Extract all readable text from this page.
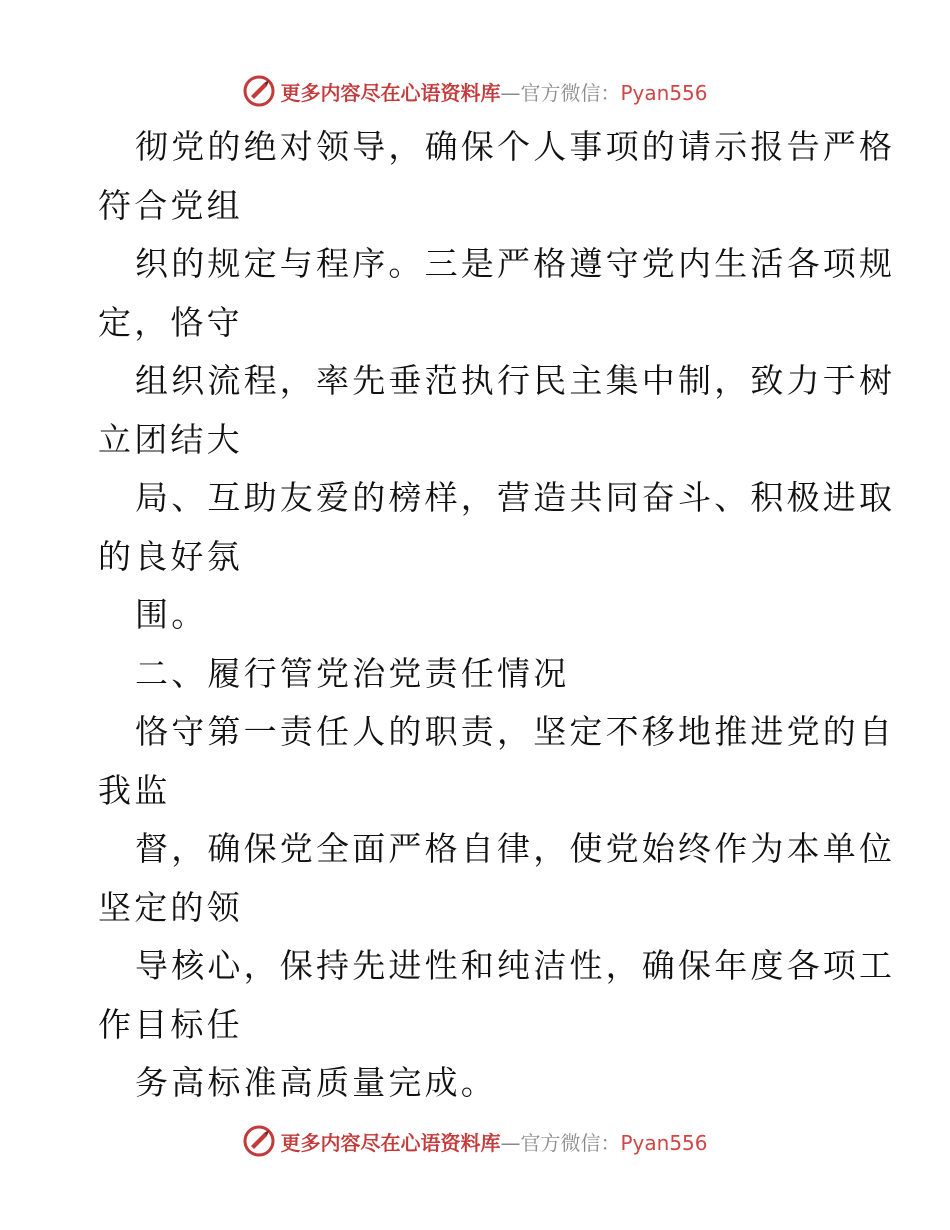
更多内容尽在心语资料库—官方微信：Pyan556
彻党的绝对领导，确保个人事项的请示报告严格
符合党组
织的规定与程序。三是严格遵守党内生活各项规
定，恪守
组织流程，率先垂范执行民主集中制，致力于树
立团结大
局、互助友爱的榜样，营造共同奋斗、积极进取
的良好氛
围。
二、履行管党治党责任情况
恪守第一责任人的职责，坚定不移地推进党的自
我监
督，确保党全面严格自律，使党始终作为本单位
坚定的领
导核心，保持先进性和纯洁性，确保年度各项工
作目标任
务高标准高质量完成。
更多内容尽在心语资料库—官方微信：Pyan556
